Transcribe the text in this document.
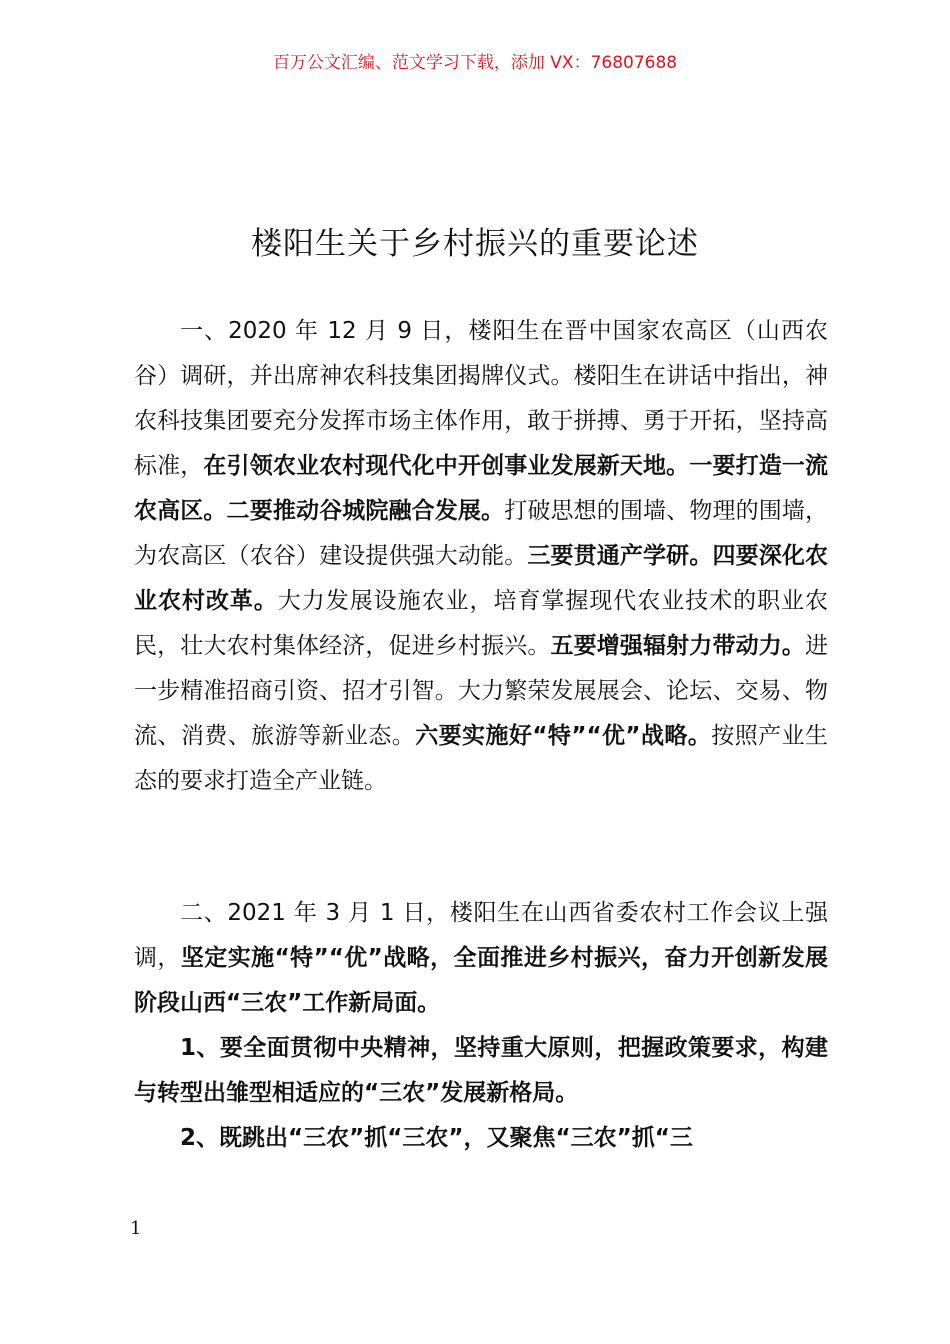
百万公文汇编、范文学习下载，添加 VX：76807688
楼阳生关于乡村振兴的重要论述

一、2020 年 12 月 9 日，楼阳生在晋中国家农高区（山西农谷）调研，并出席神农科技集团揭牌仪式。楼阳生在讲话中指出，神农科技集团要充分发挥市场主体作用，敢于拼搏、勇于开拓，坚持高标准，在引领农业农村现代化中开创事业发展新天地。一要打造一流农高区。二要推动谷城院融合发展。打破思想的围墙、物理的围墙，为农高区（农谷）建设提供强大动能。三要贯通产学研。四要深化农业农村改革。大力发展设施农业，培育掌握现代农业技术的职业农民，壮大农村集体经济，促进乡村振兴。五要增强辐射力带动力。进一步精准招商引资、招才引智。大力繁荣发展展会、论坛、交易、物流、消费、旅游等新业态。六要实施好“特”“优”战略。按照产业生态的要求打造全产业链。

二、2021 年 3 月 1 日，楼阳生在山西省委农村工作会议上强调，坚定实施“特”“优”战略，全面推进乡村振兴，奋力开创新发展阶段山西“三农”工作新局面。

1、要全面贯彻中央精神，坚持重大原则，把握政策要求，构建与转型出雏型相适应的“三农”发展新格局。

2、既跳出“三农”抓“三农”，又聚焦“三农”抓“三

1
